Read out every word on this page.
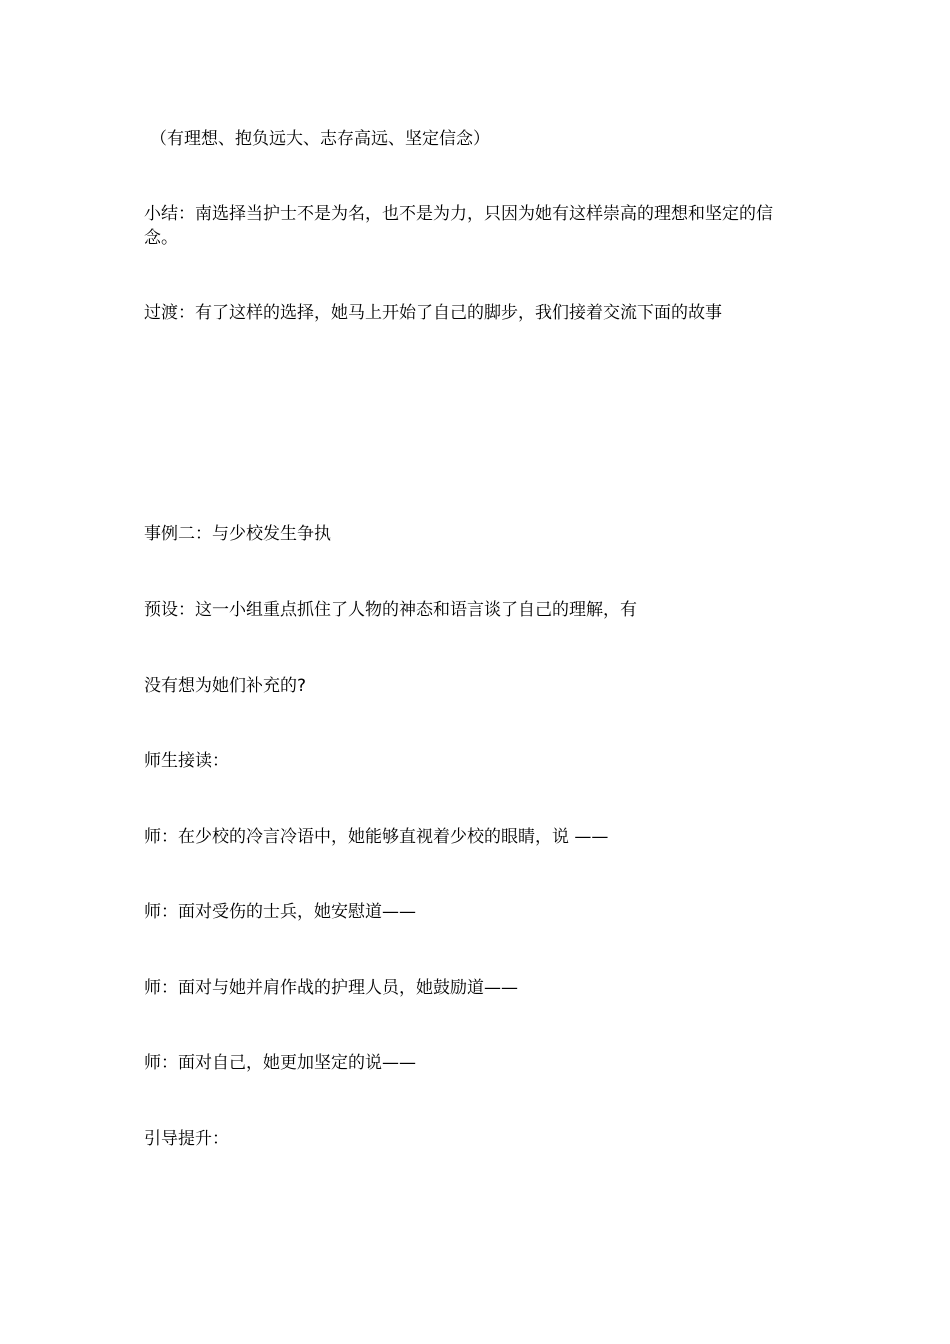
（有理想、抱负远大、志存高远、坚定信念）
小结：南选择当护士不是为名，也不是为力，只因为她有这样崇高的理想和坚定的信念。
过渡：有了这样的选择，她马上开始了自己的脚步，我们接着交流下面的故事
事例二：与少校发生争执
预设：这一小组重点抓住了人物的神态和语言谈了自己的理解，有
没有想为她们补充的?
师生接读：
师：在少校的冷言冷语中，她能够直视着少校的眼睛，说 ——
师：面对受伤的士兵，她安慰道——
师：面对与她并肩作战的护理人员，她鼓励道——
师：面对自己，她更加坚定的说——
引导提升：
